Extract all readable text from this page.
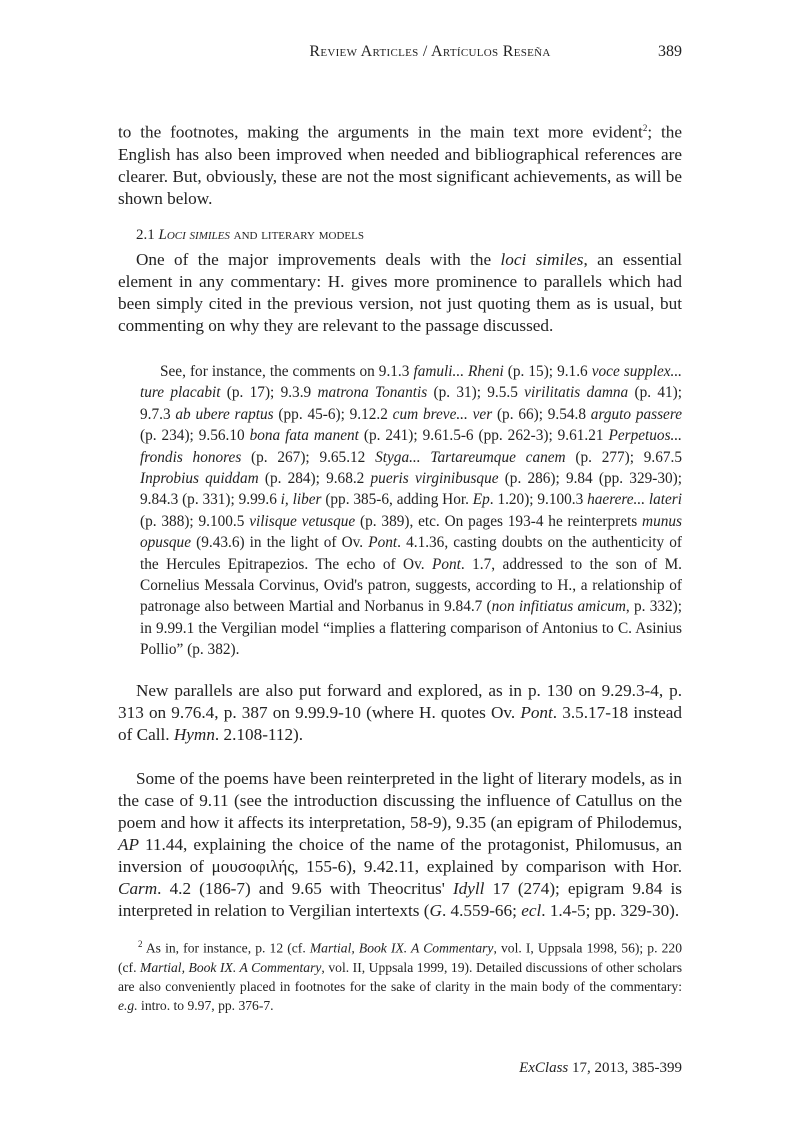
Review Articles / Artículos Reseña	389

to the footnotes, making the arguments in the main text more evident$^2$; the English has also been improved when needed and bibliographical references are clearer. But, obviously, these are not the most significant achievements, as will be shown below.

2.1 Loci similes and literary models

One of the major improvements deals with the loci similes, an essential element in any commentary: H. gives more prominence to parallels which had been simply cited in the previous version, not just quoting them as is usual, but commenting on why they are relevant to the passage discussed.

See, for instance, the comments on 9.1.3 famuli... Rheni (p. 15); 9.1.6 voce supplex... ture placabit (p. 17); 9.3.9 matrona Tonantis (p. 31); 9.5.5 virilitatis damna (p. 41); 9.7.3 ab ubere raptus (pp. 45-6); 9.12.2 cum breve... ver (p. 66); 9.54.8 arguto passere (p. 234); 9.56.10 bona fata manent (p. 241); 9.61.5-6 (pp. 262-3); 9.61.21 Perpetuos... frondis honores (p. 267); 9.65.12 Styga... Tartareumque canem (p. 277); 9.67.5 Inprobius quiddam (p. 284); 9.68.2 pueris virginibusque (p. 286); 9.84 (pp. 329-30); 9.84.3 (p. 331); 9.99.6 i, liber (pp. 385-6, adding Hor. Ep. 1.20); 9.100.3 haerere... lateri (p. 388); 9.100.5 vilisque vetusque (p. 389), etc. On pages 193-4 he reinterprets munus opusque (9.43.6) in the light of Ov. Pont. 4.1.36, casting doubts on the authenticity of the Hercules Epitrapezios. The echo of Ov. Pont. 1.7, addressed to the son of M. Cornelius Messala Corvinus, Ovid's patron, suggests, according to H., a relationship of patronage also between Martial and Norbanus in 9.84.7 (non infitiatus amicum, p. 332); in 9.99.1 the Vergilian model “implies a flattering comparison of Antonius to C. Asinius Pollio” (p. 382).

New parallels are also put forward and explored, as in p. 130 on 9.29.3-4, p. 313 on 9.76.4, p. 387 on 9.99.9-10 (where H. quotes Ov. Pont. 3.5.17-18 instead of Call. Hymn. 2.108-112).

Some of the poems have been reinterpreted in the light of literary models, as in the case of 9.11 (see the introduction discussing the influence of Catullus on the poem and how it affects its interpretation, 58-9), 9.35 (an epigram of Philodemus, AP 11.44, explaining the choice of the name of the protagonist, Philomusus, an inversion of μουσοφιλής, 155-6), 9.42.11, explained by comparison with Hor. Carm. 4.2 (186-7) and 9.65 with Theocritus' Idyll 17 (274); epigram 9.84 is interpreted in relation to Vergilian intertexts (G. 4.559-66; ecl. 1.4-5; pp. 329-30).

$^2$ As in, for instance, p. 12 (cf. Martial, Book IX. A Commentary, vol. I, Uppsala 1998, 56); p. 220 (cf. Martial, Book IX. A Commentary, vol. II, Uppsala 1999, 19). Detailed discussions of other scholars are also conveniently placed in footnotes for the sake of clarity in the main body of the commentary: e.g. intro. to 9.97, pp. 376-7.

ExClass 17, 2013, 385-399
